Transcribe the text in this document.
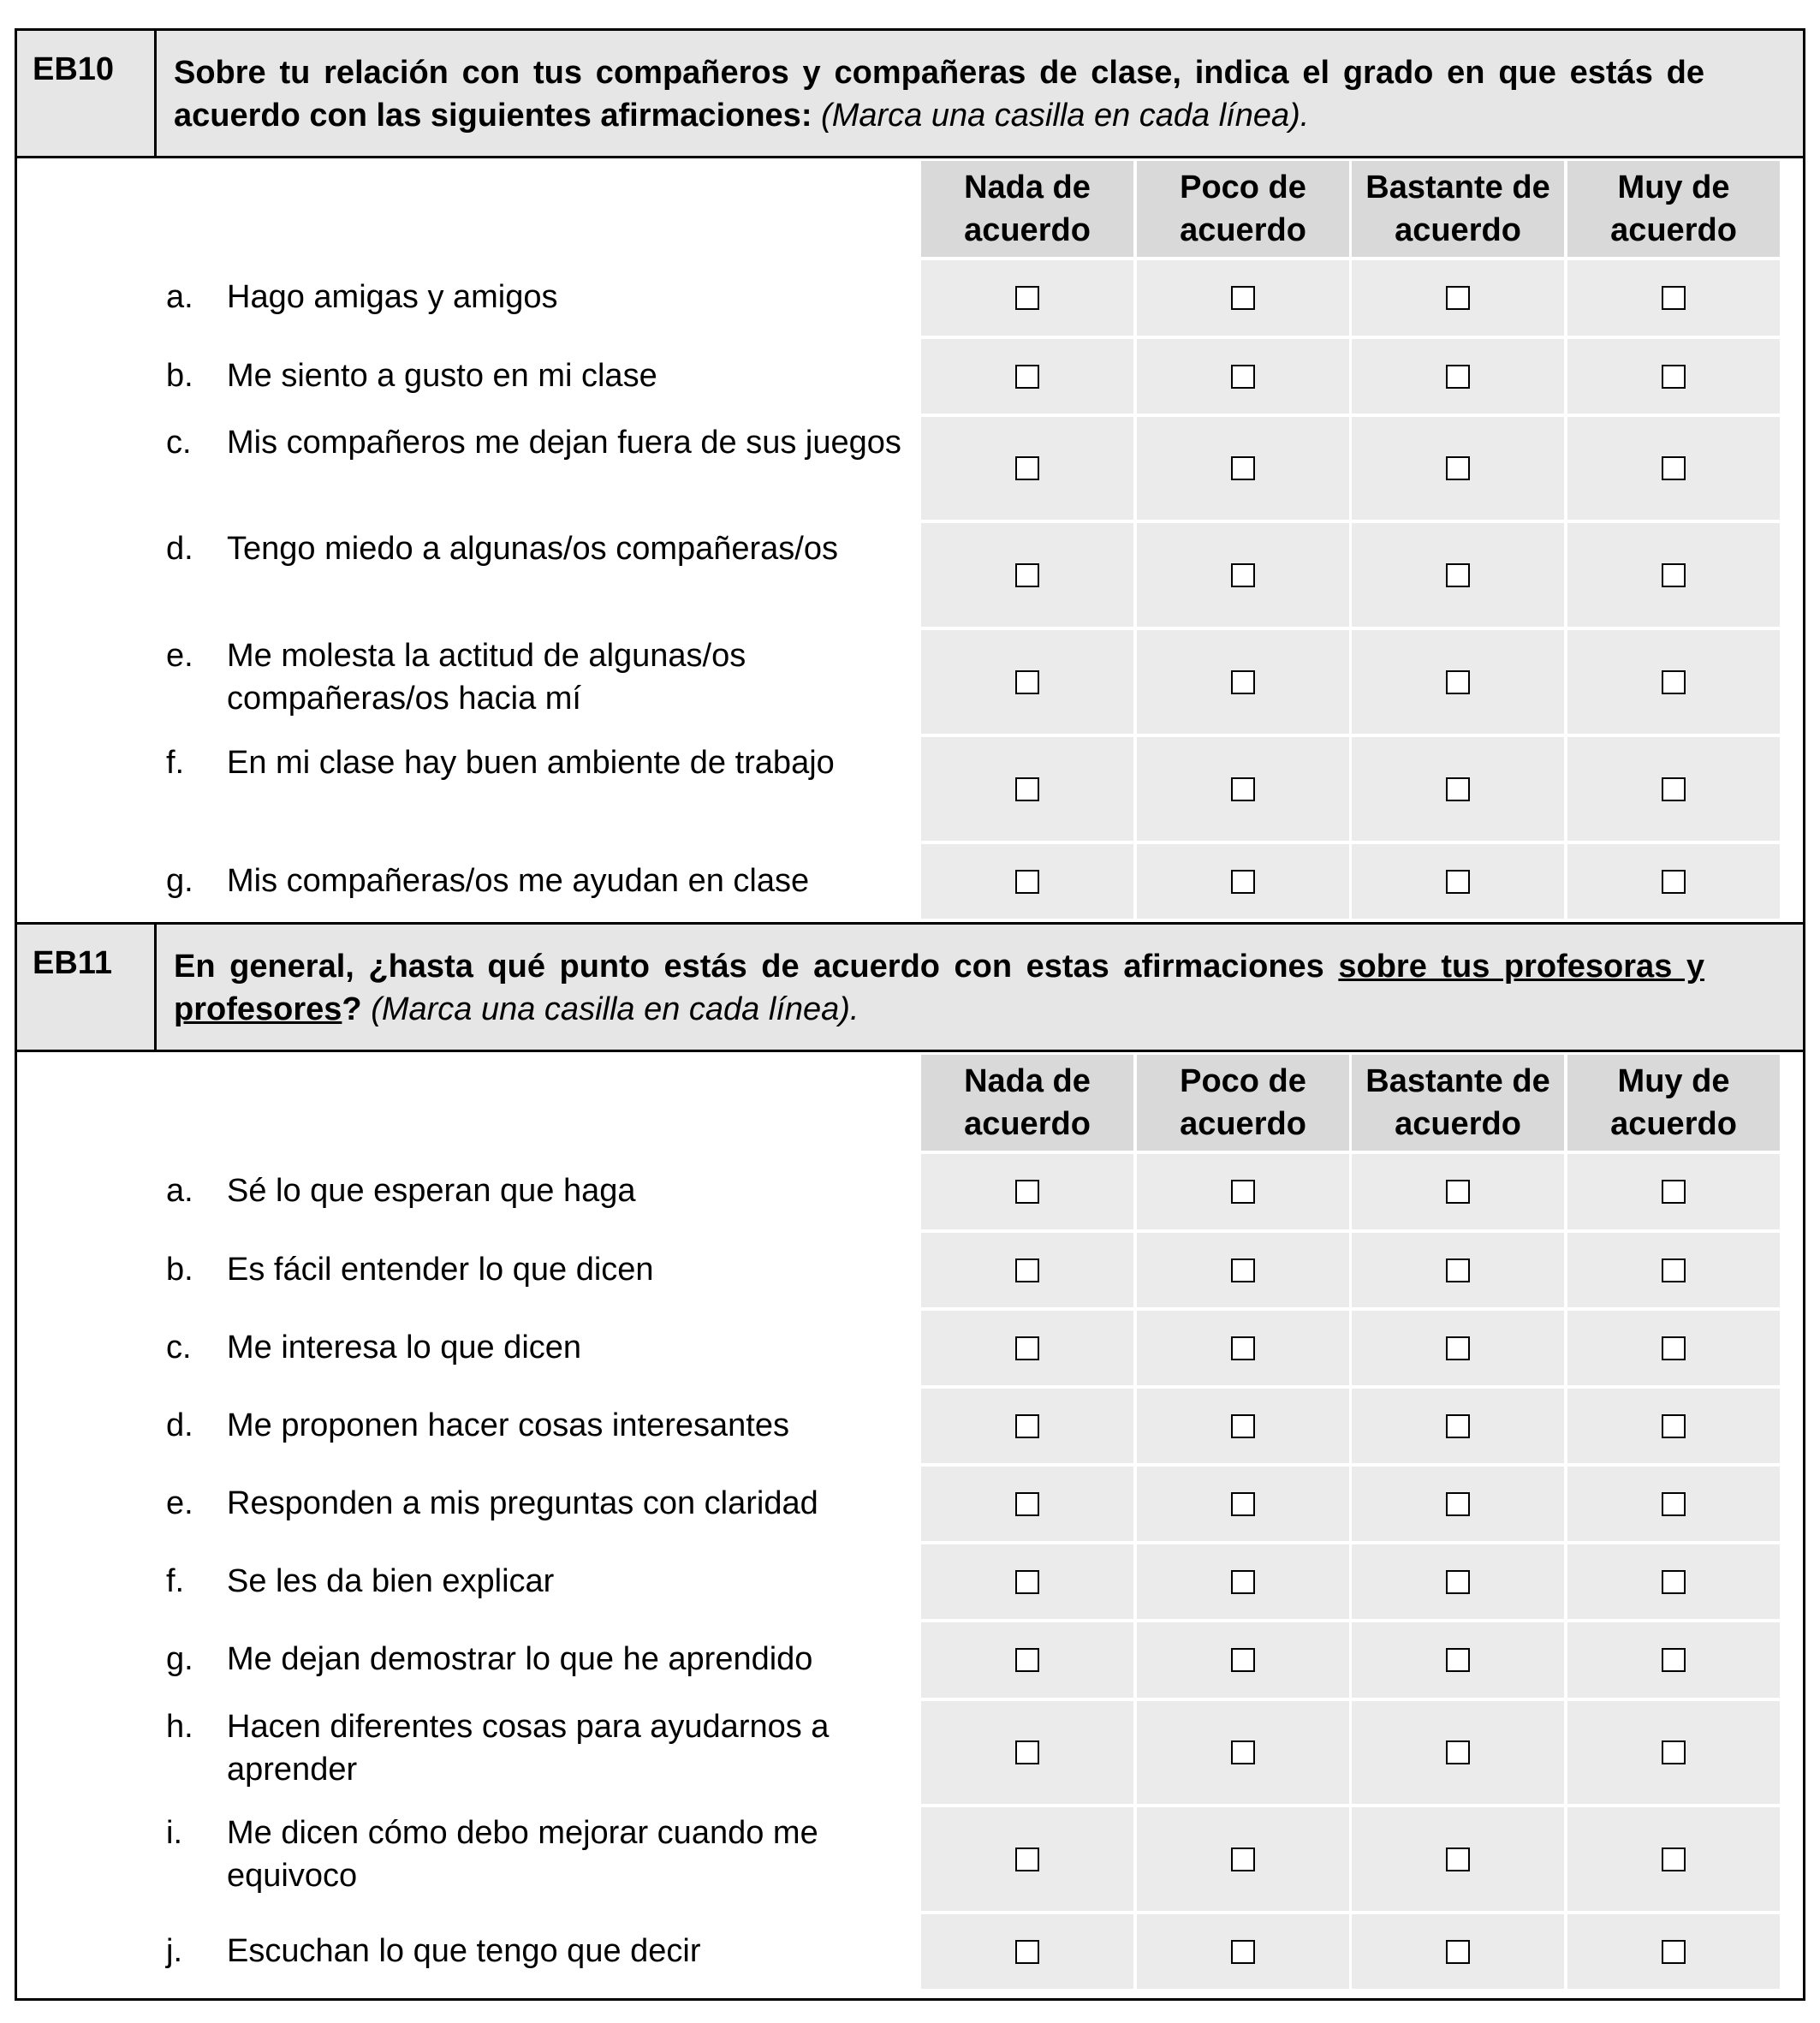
EB10	Sobre tu relación con tus compañeros y compañeras de clase, indica el grado en que estás de acuerdo con las siguientes afirmaciones: (Marca una casilla en cada línea).
Nada de acuerdo
Poco de acuerdo
Bastante de acuerdo
Muy de acuerdo
a. Hago amigas y amigos
b. Me siento a gusto en mi clase
c. Mis compañeros me dejan fuera de sus juegos
d. Tengo miedo a algunas/os compañeras/os
e. Me molesta la actitud de algunas/os compañeras/os hacia mí
f. En mi clase hay buen ambiente de trabajo
g. Mis compañeras/os me ayudan en clase
EB11	En general, ¿hasta qué punto estás de acuerdo con estas afirmaciones sobre tus profesoras y profesores? (Marca una casilla en cada línea).
Nada de acuerdo
Poco de acuerdo
Bastante de acuerdo
Muy de acuerdo
a. Sé lo que esperan que haga
b. Es fácil entender lo que dicen
c. Me interesa lo que dicen
d. Me proponen hacer cosas interesantes
e. Responden a mis preguntas con claridad
f. Se les da bien explicar
g. Me dejan demostrar lo que he aprendido
h. Hacen diferentes cosas para ayudarnos a aprender
i. Me dicen cómo debo mejorar cuando me equivoco
j. Escuchan lo que tengo que decir
